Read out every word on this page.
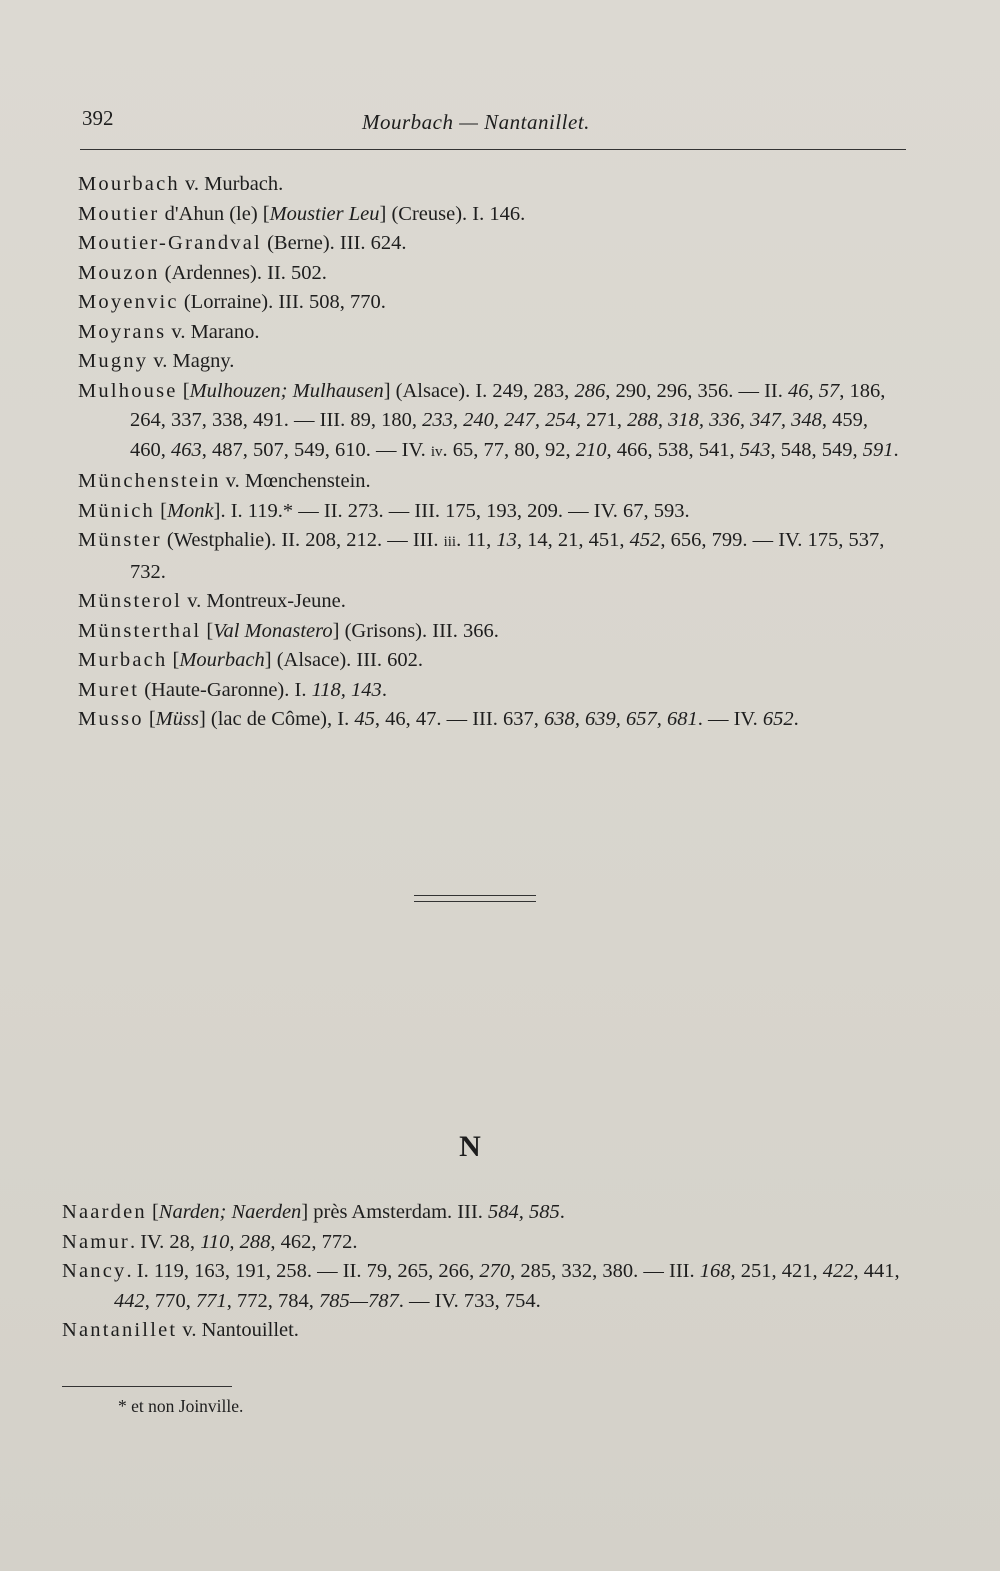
392	Mourbach — Nantanillet.
Mourbach v. Murbach.
Moutier d'Ahun (le) [Moustier Leu] (Creuse). I. 146.
Moutier-Grandval (Berne). III. 624.
Mouzon (Ardennes). II. 502.
Moyenvic (Lorraine). III. 508, 770.
Moyrans v. Marano.
Mugny v. Magny.
Mulhouse [Mulhouzen; Mulhausen] (Alsace). I. 249, 283, 286, 290, 296, 356. — II. 46, 57, 186, 264, 337, 338, 491. — III. 89, 180, 233, 240, 247, 254, 271, 288, 318, 336, 347, 348, 459, 460, 463, 487, 507, 549, 610. — IV. iv. 65, 77, 80, 92, 210, 466, 538, 541, 543, 548, 549, 591.
Münchenstein v. Mœnchenstein.
Münich [Monk]. I. 119.* — II. 273. — III. 175, 193, 209. — IV. 67, 593.
Münster (Westphalie). II. 208, 212. — III. iii. 11, 13, 14, 21, 451, 452, 656, 799. — IV. 175, 537, 732.
Münsterol v. Montreux-Jeune.
Münsterthal [Val Monastero] (Grisons). III. 366.
Murbach [Mourbach] (Alsace). III. 602.
Muret (Haute-Garonne). I. 118, 143.
Musso [Müss] (lac de Côme), I. 45, 46, 47. — III. 637, 638, 639, 657, 681. — IV. 652.
N
Naarden [Narden; Naerden] près Amsterdam. III. 584, 585.
Namur. IV. 28, 110, 288, 462, 772.
Nancy. I. 119, 163, 191, 258. — II. 79, 265, 266, 270, 285, 332, 380. — III. 168, 251, 421, 422, 441, 442, 770, 771, 772, 784, 785—787. — IV. 733, 754.
Nantanillet v. Nantouillet.
* et non Joinville.
